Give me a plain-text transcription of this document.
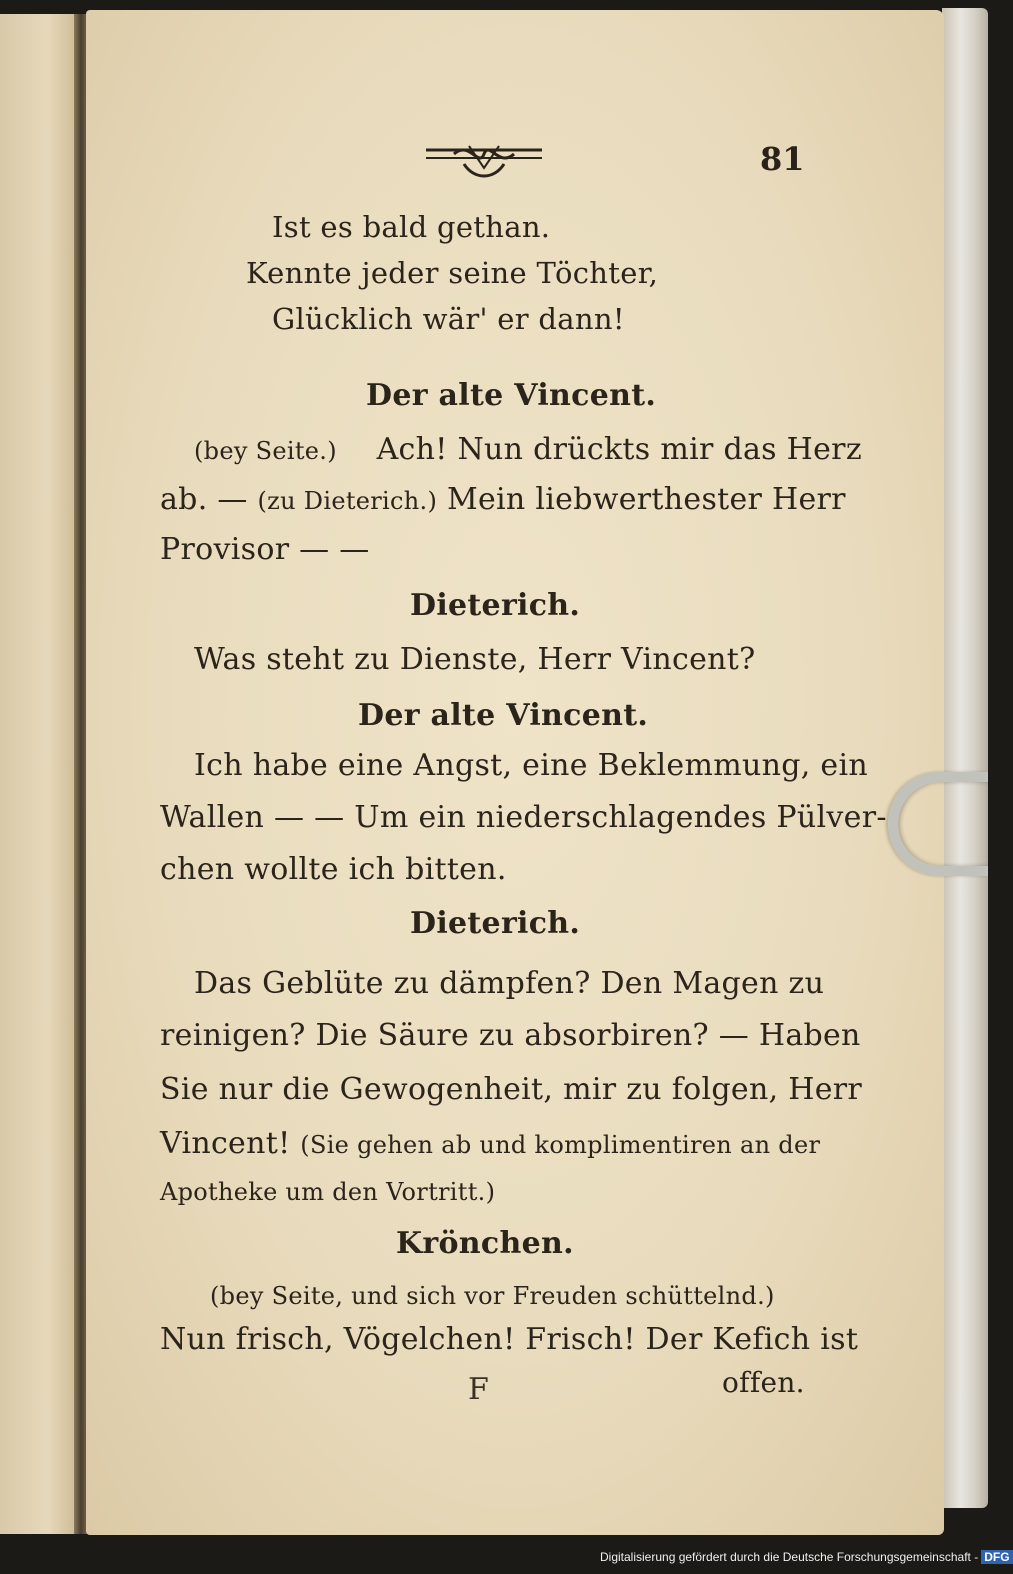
81
Ist es bald gethan.
Kennte jeder seine Töchter,
Glücklich wär' er dann!
Der alte Vincent.
(bey Seite.) Ach! Nun drückts mir das Herz
ab. — (zu Dieterich.) Mein liebwerthester Herr
Provisor — —
Dieterich.
Was steht zu Dienste, Herr Vincent?
Der alte Vincent.
Ich habe eine Angst, eine Beklemmung, ein
Wallen — — Um ein niederschlagendes Pülver-
chen wollte ich bitten.
Dieterich.
Das Geblüte zu dämpfen? Den Magen zu
reinigen? Die Säure zu absorbiren? — Haben
Sie nur die Gewogenheit, mir zu folgen, Herr
Vincent! (Sie gehen ab und komplimentiren an der
Apotheke um den Vortritt.)
Krönchen.
(bey Seite, und sich vor Freuden schüttelnd.)
Nun frisch, Vögelchen! Frisch! Der Kefich ist
F	offen.
Digitalisierung gefördert durch die Deutsche Forschungsgemeinschaft - DFG
